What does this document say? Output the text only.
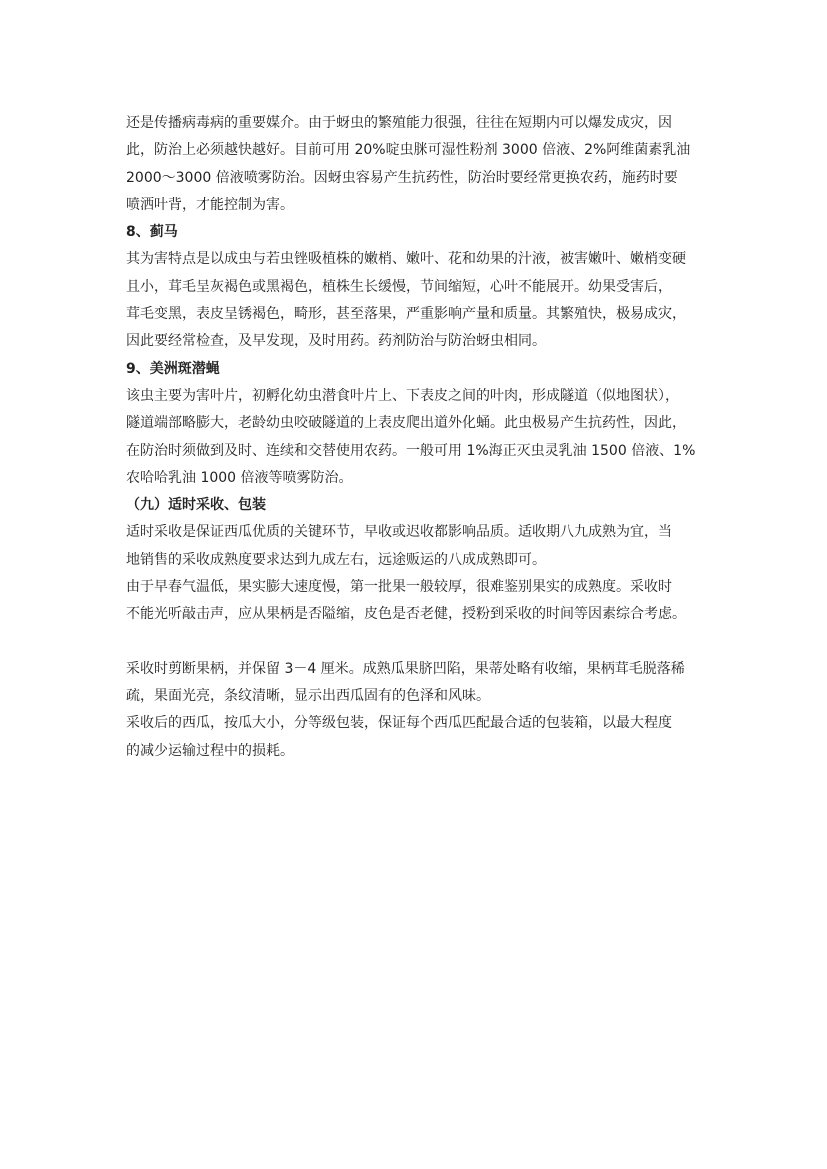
还是传播病毒病的重要媒介。由于蚜虫的繁殖能力很强，往往在短期内可以爆发成灾，因
此，防治上必须越快越好。目前可用 20%啶虫脒可湿性粉剂 3000 倍液、2%阿维菌素乳油
2000～3000 倍液喷雾防治。因蚜虫容易产生抗药性，防治时要经常更换农药，施药时要
喷洒叶背，才能控制为害。

8、蓟马

其为害特点是以成虫与若虫锉吸植株的嫩梢、嫩叶、花和幼果的汁液，被害嫩叶、嫩梢变硬
且小，茸毛呈灰褐色或黑褐色，植株生长缓慢，节间缩短，心叶不能展开。幼果受害后，
茸毛变黑，表皮呈锈褐色，畸形，甚至落果，严重影响产量和质量。其繁殖快，极易成灾，
因此要经常检查，及早发现，及时用药。药剂防治与防治蚜虫相同。

9、美洲斑潜蝇

该虫主要为害叶片，初孵化幼虫潜食叶片上、下表皮之间的叶肉，形成隧道（似地图状），
隧道端部略膨大，老龄幼虫咬破隧道的上表皮爬出道外化蛹。此虫极易产生抗药性，因此，
在防治时须做到及时、连续和交替使用农药。一般可用 1%海正灭虫灵乳油 1500 倍液、1%
农哈哈乳油 1000 倍液等喷雾防治。

（九）适时采收、包装

适时采收是保证西瓜优质的关键环节，早收或迟收都影响品质。适收期八九成熟为宜，当
地销售的采收成熟度要求达到九成左右，远途贩运的八成成熟即可。

由于早春气温低，果实膨大速度慢，第一批果一般较厚，很难鉴别果实的成熟度。采收时
不能光听敲击声，应从果柄是否隘缩，皮色是否老健，授粉到采收的时间等因素综合考虑。

采收时剪断果柄，并保留 3－4 厘米。成熟瓜果脐凹陷，果蒂处略有收缩，果柄茸毛脱落稀
疏，果面光亮，条纹清晰，显示出西瓜固有的色泽和风味。

采收后的西瓜，按瓜大小，分等级包装，保证每个西瓜匹配最合适的包装箱，以最大程度
的减少运输过程中的损耗。
